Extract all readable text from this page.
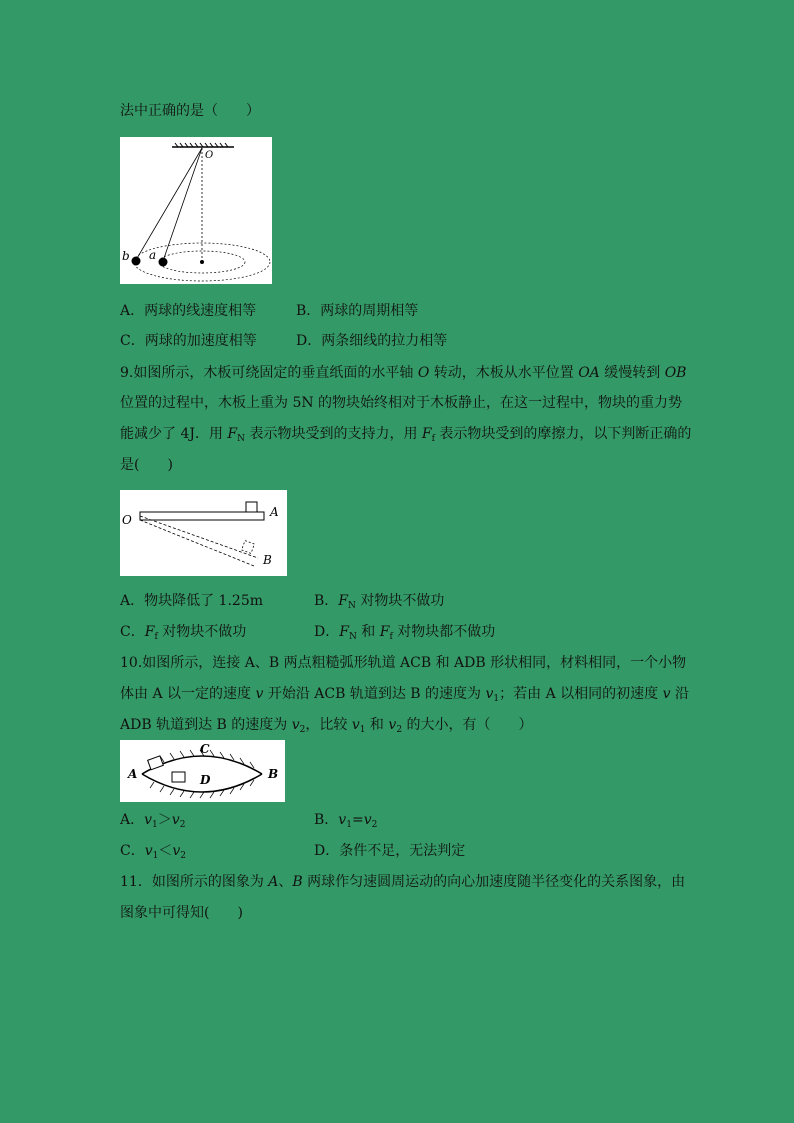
法中正确的是（　　）
O
b a
A．两球的线速度相等	B．两球的周期相等
C．两球的加速度相等	D．两条细线的拉力相等
9.如图所示，木板可绕固定的垂直纸面的水平轴 O 转动，木板从水平位置 OA 缓慢转到 OB
位置的过程中，木板上重为 5N 的物块始终相对于木板静止，在这一过程中，物块的重力势
能减少了 4J．用 $F_N$ 表示物块受到的支持力，用 $F_f$ 表示物块受到的摩擦力，以下判断正确的
是(　　)
O
A
B
A．物块降低了 1.25m	B．$F_N$ 对物块不做功
C．$F_f$ 对物块不做功	D．$F_N$ 和 $F_f$ 对物块都不做功
10.如图所示，连接 A、B 两点粗糙弧形轨道 ACB 和 ADB 形状相同，材料相同，一个小物
体由 A 以一定的速度 v 开始沿 ACB 轨道到达 B 的速度为 $v_1$；若由 A 以相同的初速度 v 沿
ADB 轨道到达 B 的速度为 $v_2$，比较 $v_1$ 和 $v_2$ 的大小，有（　　）
A	B
C
D
A．$v_1>v_2$	B．$v_1=v_2$
C．$v_1<v_2$	D．条件不足，无法判定
11．如图所示的图象为 A、B 两球作匀速圆周运动的向心加速度随半径变化的关系图象，由
图象中可得知(　　)
